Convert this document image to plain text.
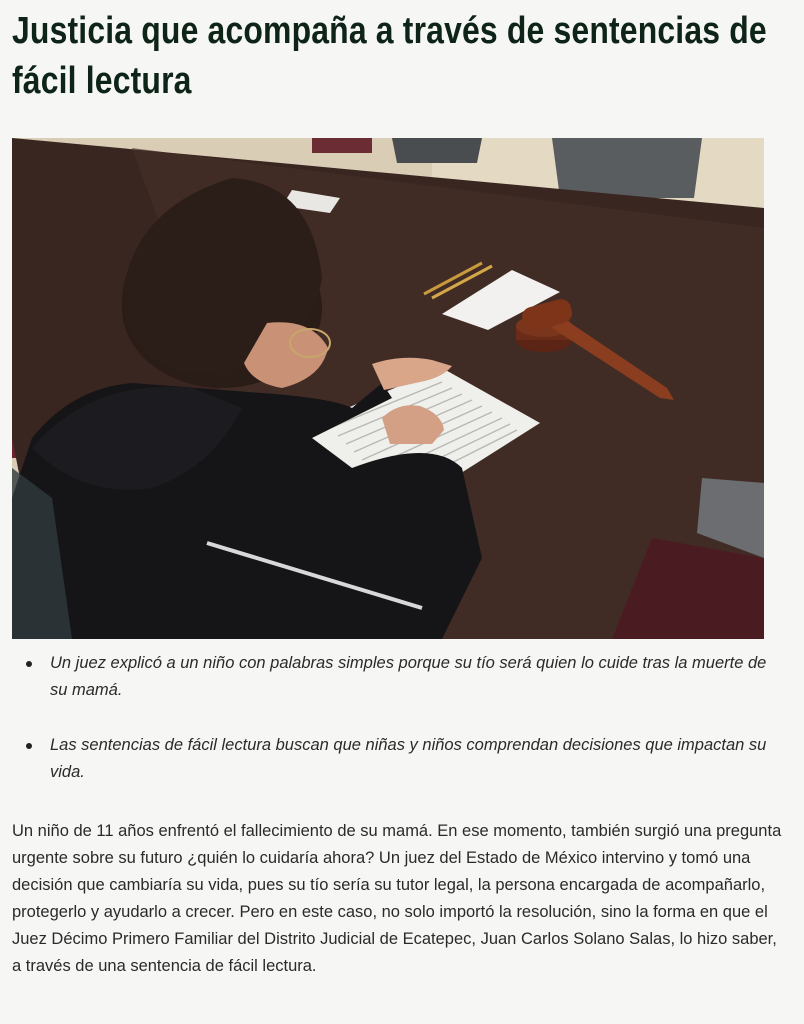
Justicia que acompaña a través de sentencias de fácil lectura
Un juez explicó a un niño con palabras simples porque su tío será quien lo cuide tras la muerte de su mamá.
Las sentencias de fácil lectura buscan que niñas y niños comprendan decisiones que impactan su vida.

Un niño de 11 años enfrentó el fallecimiento de su mamá. En ese momento, también surgió una pregunta urgente sobre su futuro ¿quién lo cuidaría ahora? Un juez del Estado de México intervino y tomó una decisión que cambiaría su vida, pues su tío sería su tutor legal, la persona encargada de acompañarlo, protegerlo y ayudarlo a crecer. Pero en este caso, no solo importó la resolución, sino la forma en que el Juez Décimo Primero Familiar del Distrito Judicial de Ecatepec, Juan Carlos Solano Salas, lo hizo saber, a través de una sentencia de fácil lectura.
